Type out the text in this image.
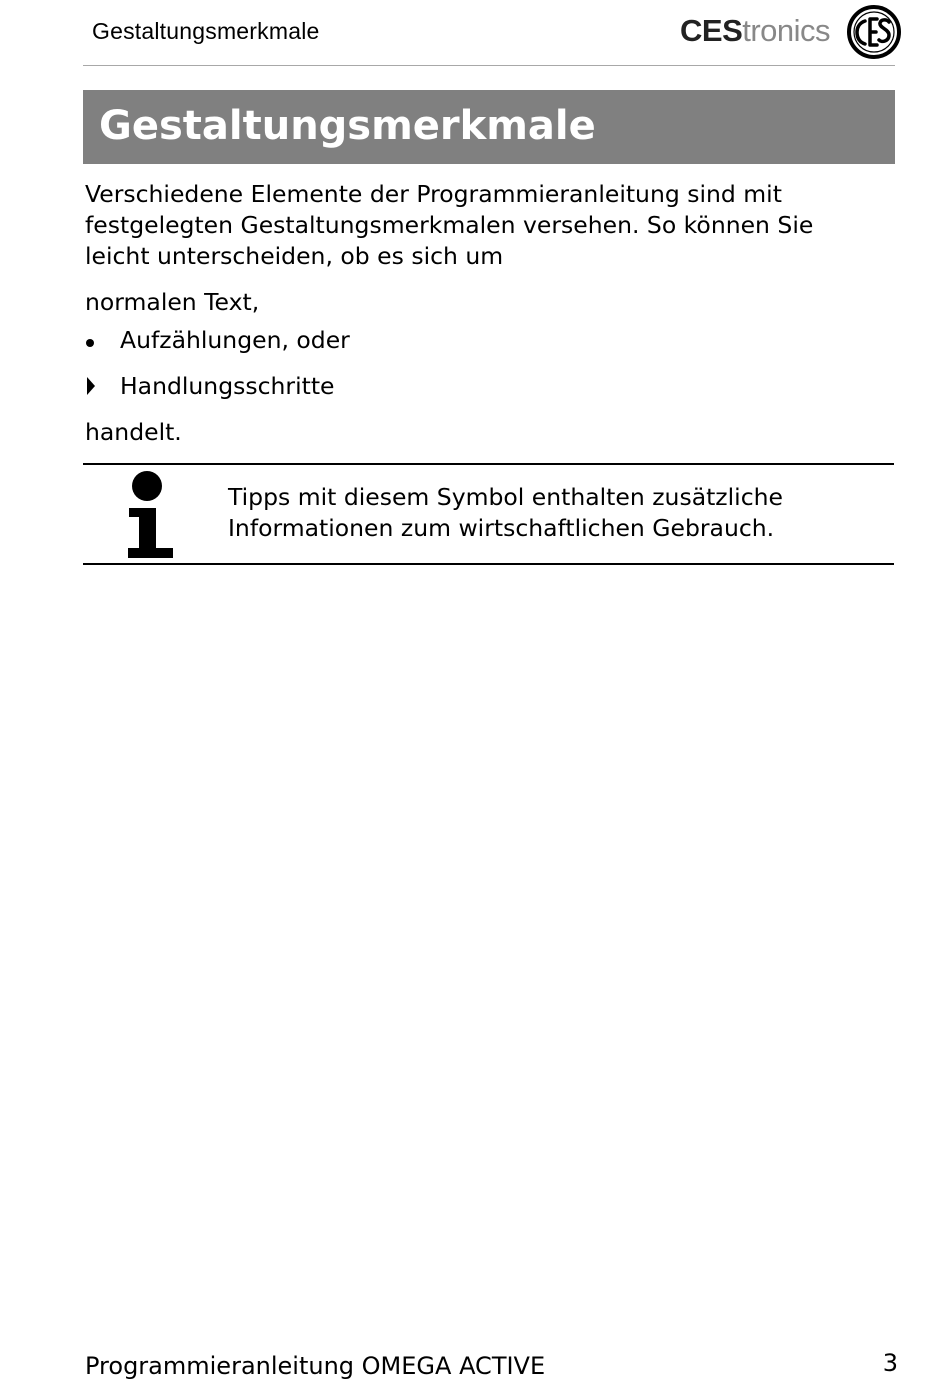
Gestaltungsmerkmale	CEStronics
Gestaltungsmerkmale
Verschiedene Elemente der Programmieranleitung sind mit
festgelegten Gestaltungsmerkmalen versehen. So können Sie
leicht unterscheiden, ob es sich um
normalen Text,
Aufzählungen, oder
Handlungsschritte
handelt.
Tipps mit diesem Symbol enthalten zusätzliche
Informationen zum wirtschaftlichen Gebrauch.
Programmieranleitung OMEGA ACTIVE	3
